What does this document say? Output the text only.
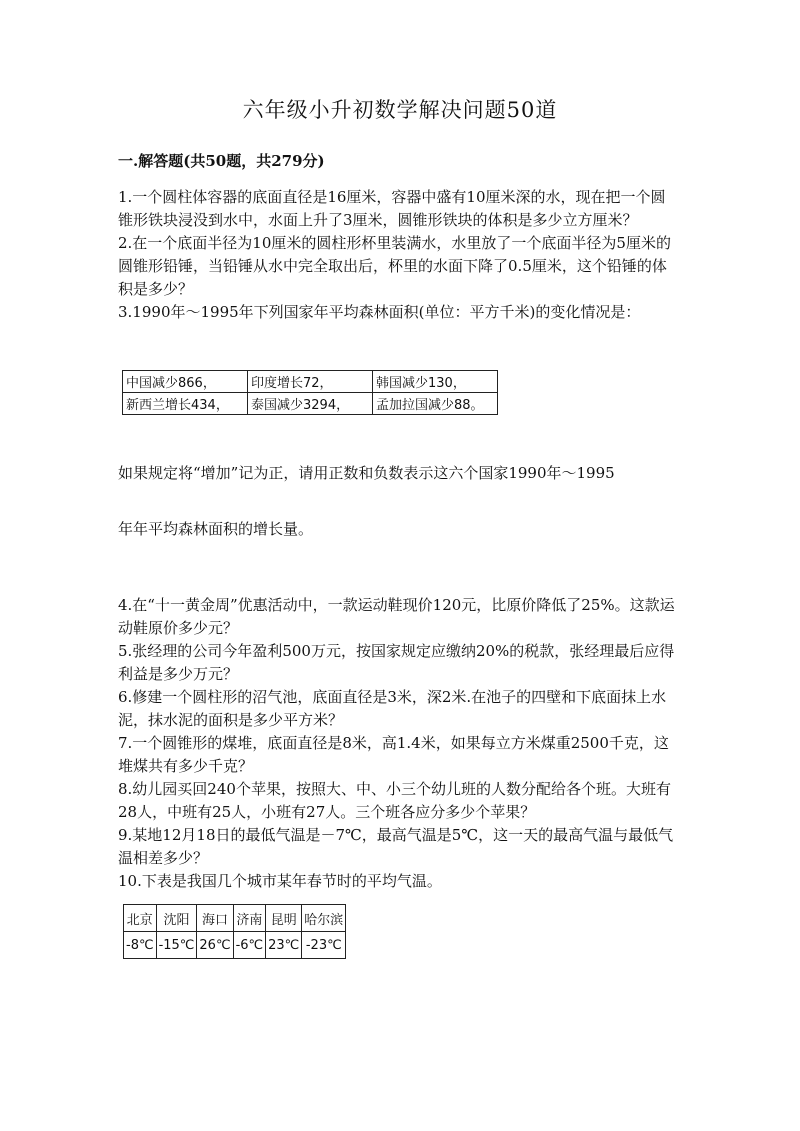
六年级小升初数学解决问题50道
一.解答题(共50题，共279分)

1.一个圆柱体容器的底面直径是16厘米，容器中盛有10厘米深的水，现在把一个圆锥形铁块浸没到水中，水面上升了3厘米，圆锥形铁块的体积是多少立方厘米？

2.在一个底面半径为10厘米的圆柱形杯里装满水，水里放了一个底面半径为5厘米的圆锥形铅锤，当铅锤从水中完全取出后，杯里的水面下降了0.5厘米，这个铅锤的体积是多少？

3.1990年～1995年下列国家年平均森林面积(单位：平方千米)的变化情况是：

中国减少866，	印度增长72，	韩国减少130，
新西兰增长434，	泰国减少3294，	孟加拉国减少88。
如果规定将“增加”记为正，请用正数和负数表示这六个国家1990年～1995
年年平均森林面积的增长量。

4.在“十一黄金周”优惠活动中，一款运动鞋现价120元，比原价降低了25%。这款运动鞋原价多少元？

5.张经理的公司今年盈利500万元，按国家规定应缴纳20%的税款，张经理最后应得利益是多少万元？

6.修建一个圆柱形的沼气池，底面直径是3米，深2米.在池子的四壁和下底面抹上水泥，抹水泥的面积是多少平方米？

7.一个圆锥形的煤堆，底面直径是8米，高1.4米，如果每立方米煤重2500千克，这堆煤共有多少千克？

8.幼儿园买回240个苹果，按照大、中、小三个幼儿班的人数分配给各个班。大班有28人，中班有25人，小班有27人。三个班各应分多少个苹果？

9.某地12月18日的最低气温是－7℃，最高气温是5℃，这一天的最高气温与最低气温相差多少？

10.下表是我国几个城市某年春节时的平均气温。

北京	沈阳	海口	济南	昆明	哈尔滨
-8℃	-15℃	26℃	-6℃	23℃	-23℃
